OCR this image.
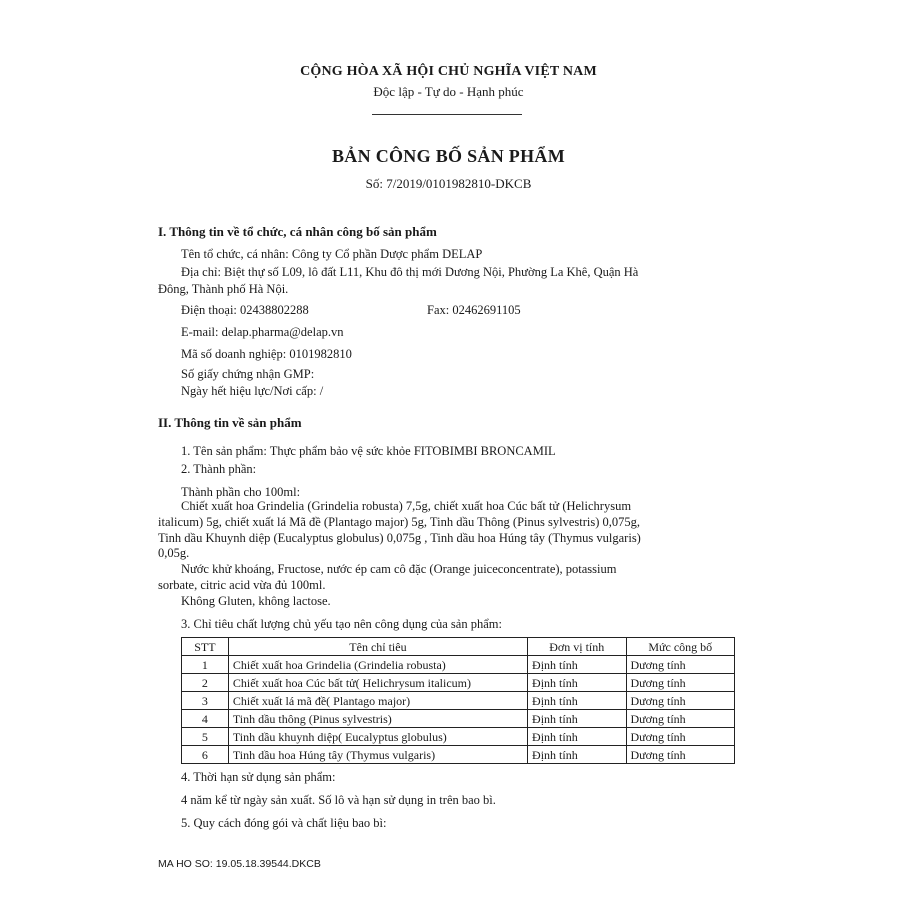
CỘNG HÒA XÃ HỘI CHỦ NGHĨA VIỆT NAM
Độc lập - Tự do - Hạnh phúc
BẢN CÔNG BỐ SẢN PHẨM
Số: 7/2019/0101982810-DKCB
I. Thông tin về tổ chức, cá nhân công bố sản phẩm
Tên tổ chức, cá nhân: Công ty Cổ phần Dược phẩm DELAP
Địa chỉ: Biệt thự số L09, lô đất L11, Khu đô thị mới Dương Nội, Phường La Khê, Quận Hà
Đông, Thành phố Hà Nội.
Điện thoại: 02438802288	Fax: 02462691105
E-mail: delap.pharma@delap.vn
Mã số doanh nghiệp: 0101982810
Số giấy chứng nhận GMP:
Ngày hết hiệu lực/Nơi cấp: /
II. Thông tin về sản phẩm
1. Tên sản phẩm: Thực phẩm bảo vệ sức khỏe FITOBIMBI BRONCAMIL
2. Thành phần:
Thành phần cho 100ml:
Chiết xuất hoa Grindelia (Grindelia robusta) 7,5g, chiết xuất hoa Cúc bất tử (Helichrysum
italicum) 5g, chiết xuất lá Mã đề (Plantago major) 5g, Tinh dầu Thông (Pinus sylvestris) 0,075g,
Tinh dầu Khuynh diệp (Eucalyptus globulus) 0,075g , Tinh dầu hoa Húng tây (Thymus vulgaris)
0,05g.
Nước khử khoáng, Fructose, nước ép cam cô đặc (Orange juiceconcentrate), potassium
sorbate, citric acid vừa đủ 100ml.
Không Gluten, không lactose.
3. Chỉ tiêu chất lượng chủ yếu tạo nên công dụng của sản phẩm:
STT	Tên chỉ tiêu	Đơn vị tính	Mức công bố
1	Chiết xuất hoa Grindelia (Grindelia robusta)	Định tính	Dương tính
2	Chiết xuất hoa Cúc bất tử( Helichrysum italicum)	Định tính	Dương tính
3	Chiết xuất lá mã đề( Plantago major)	Định tính	Dương tính
4	Tinh dầu thông (Pinus sylvestris)	Định tính	Dương tính
5	Tinh dầu khuynh diệp( Eucalyptus globulus)	Định tính	Dương tính
6	Tinh dầu hoa Húng tây (Thymus vulgaris)	Định tính	Dương tính
4. Thời hạn sử dụng sản phẩm:
4 năm kể từ ngày sản xuất. Số lô và hạn sử dụng in trên bao bì.
5. Quy cách đóng gói và chất liệu bao bì:
MA HO SO: 19.05.18.39544.DKCB
